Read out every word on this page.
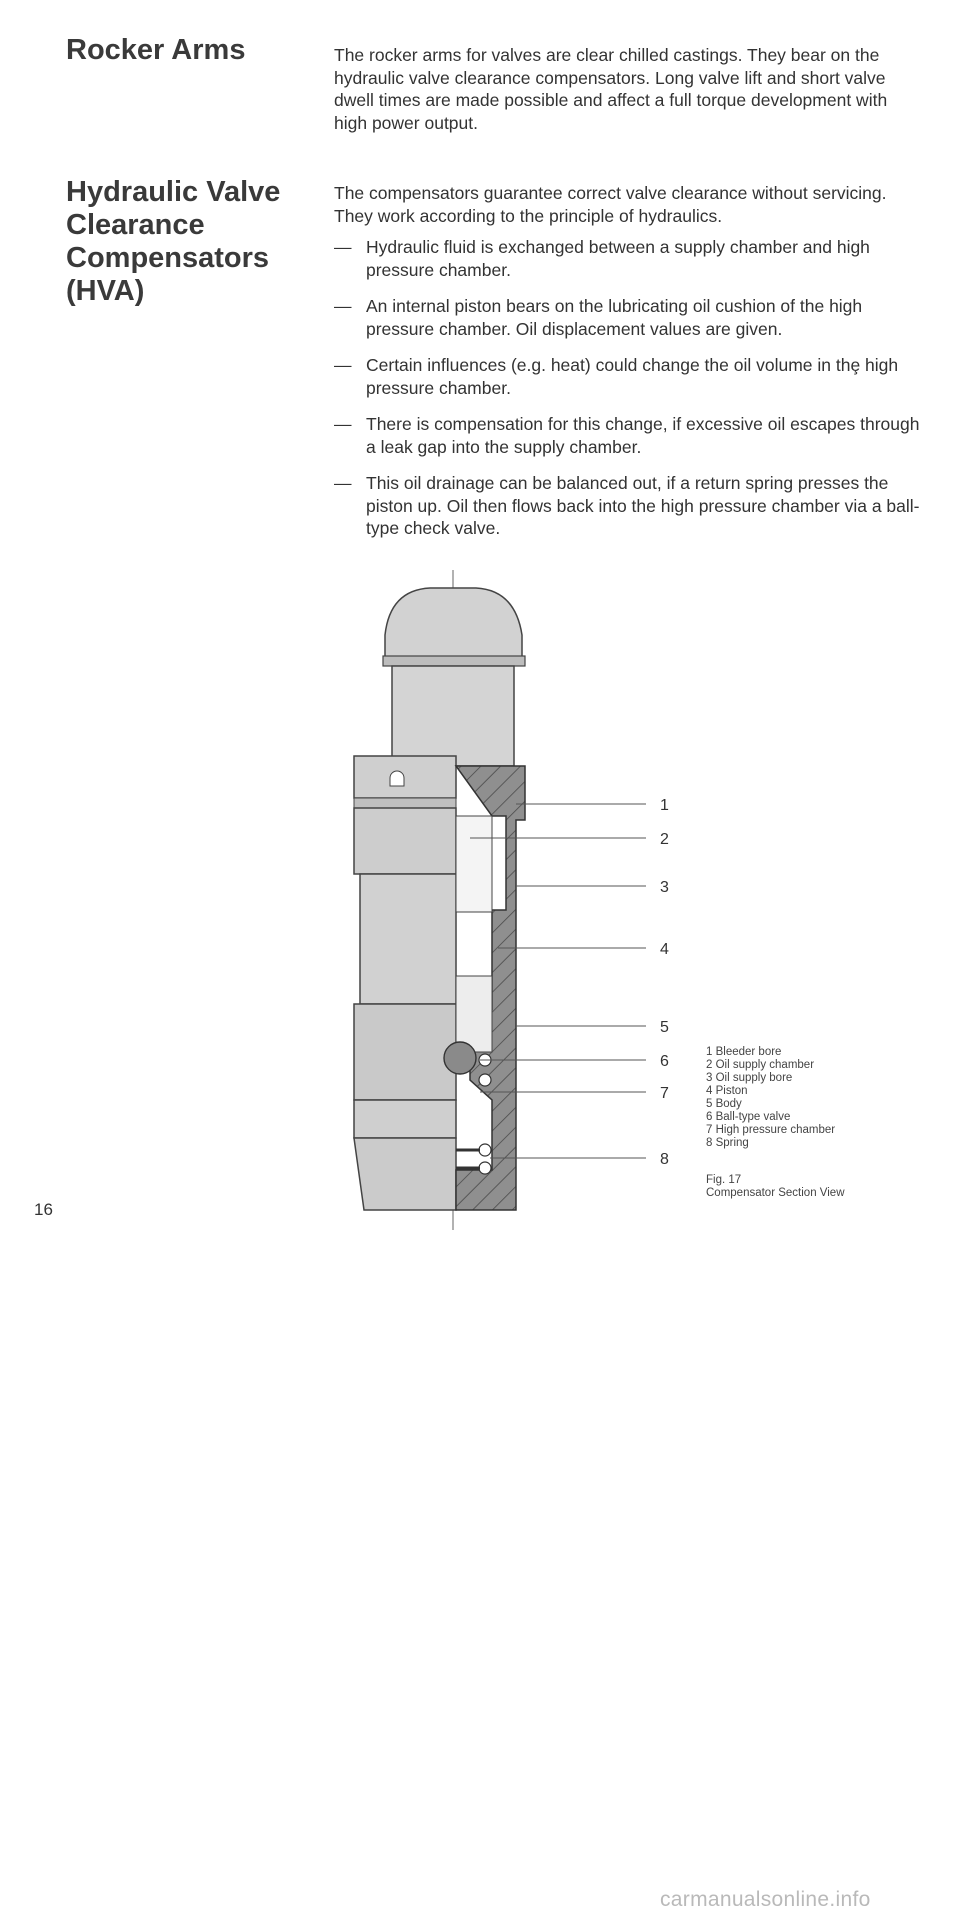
Rocker Arms	The rocker arms for valves are clear chilled castings. They bear on the hydraulic valve clearance compensators. Long valve lift and short valve dwell times are made possible and affect a full torque development with high power output.

Hydraulic Valve Clearance Compensators (HVA)

The compensators guarantee correct valve clearance without servicing. They work according to the principle of hydraulics.

— Hydraulic fluid is exchanged between a supply chamber and high pressure chamber.
— An internal piston bears on the lubricating oil cushion of the high pressure chamber. Oil displacement values are given.
— Certain influences (e.g. heat) could change the oil volume in thȩ high pressure chamber.
— There is compensation for this change, if excessive oil escapes through a leak gap into the supply chamber.
— This oil drainage can be balanced out, if a return spring presses the piston up. Oil then flows back into the high pressure chamber via a ball-type check valve.
1
2
3
4
5
6
7
8
1 Bleeder bore
2 Oil supply chamber
3 Oil supply bore
4 Piston
5 Body
6 Ball-type valve
7 High pressure chamber
8 Spring
Fig. 17
Compensator Section View
16
carmanualsonline.info
